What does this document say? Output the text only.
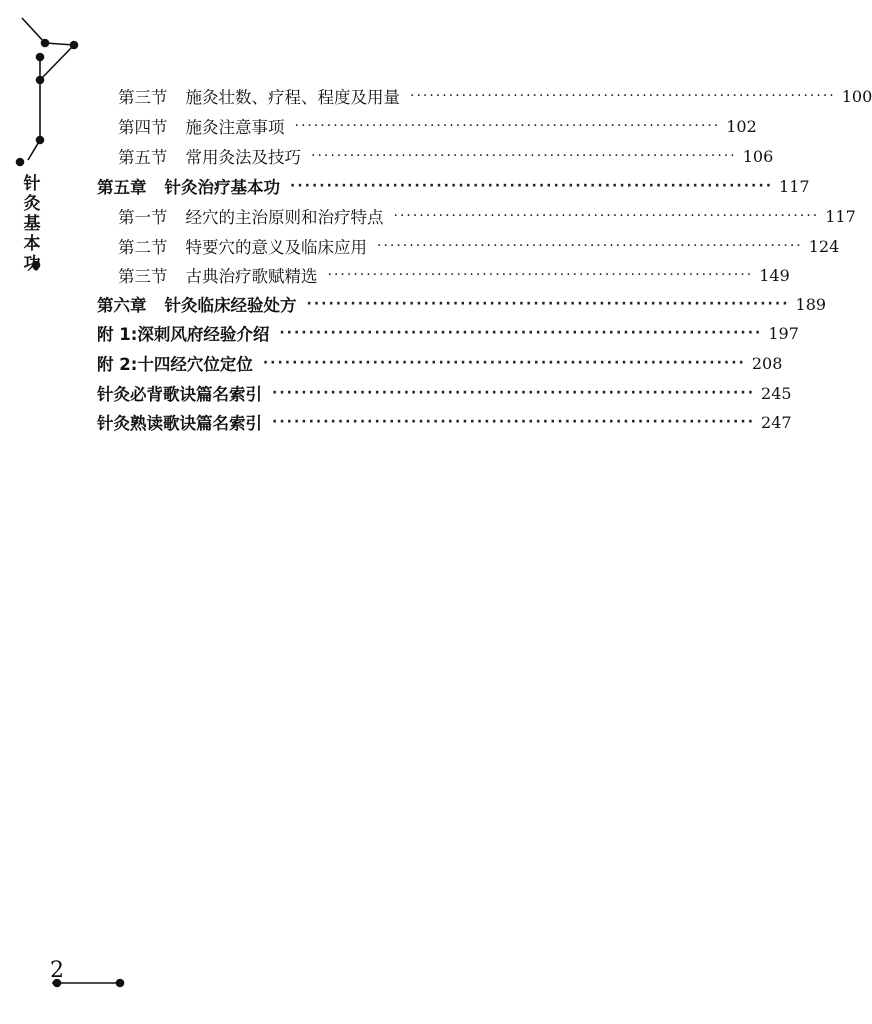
针
灸
基
本
功
第三节 施灸壮数、疗程、程度及用量 ·································································· 100
第四节 施灸注意事项 ·································································· 102
第五节 常用灸法及技巧 ·································································· 106
第五章 针灸治疗基本功 ·································································· 117
第一节 经穴的主治原则和治疗特点 ·································································· 117
第二节 特要穴的意义及临床应用 ·································································· 124
第三节 古典治疗歌赋精选 ·································································· 149
第六章 针灸临床经验处方 ·································································· 189
附 1:深刺风府经验介绍 ·································································· 197
附 2:十四经穴位定位 ·································································· 208
针灸必背歌诀篇名索引 ·································································· 245
针灸熟读歌诀篇名索引 ·································································· 247
2
